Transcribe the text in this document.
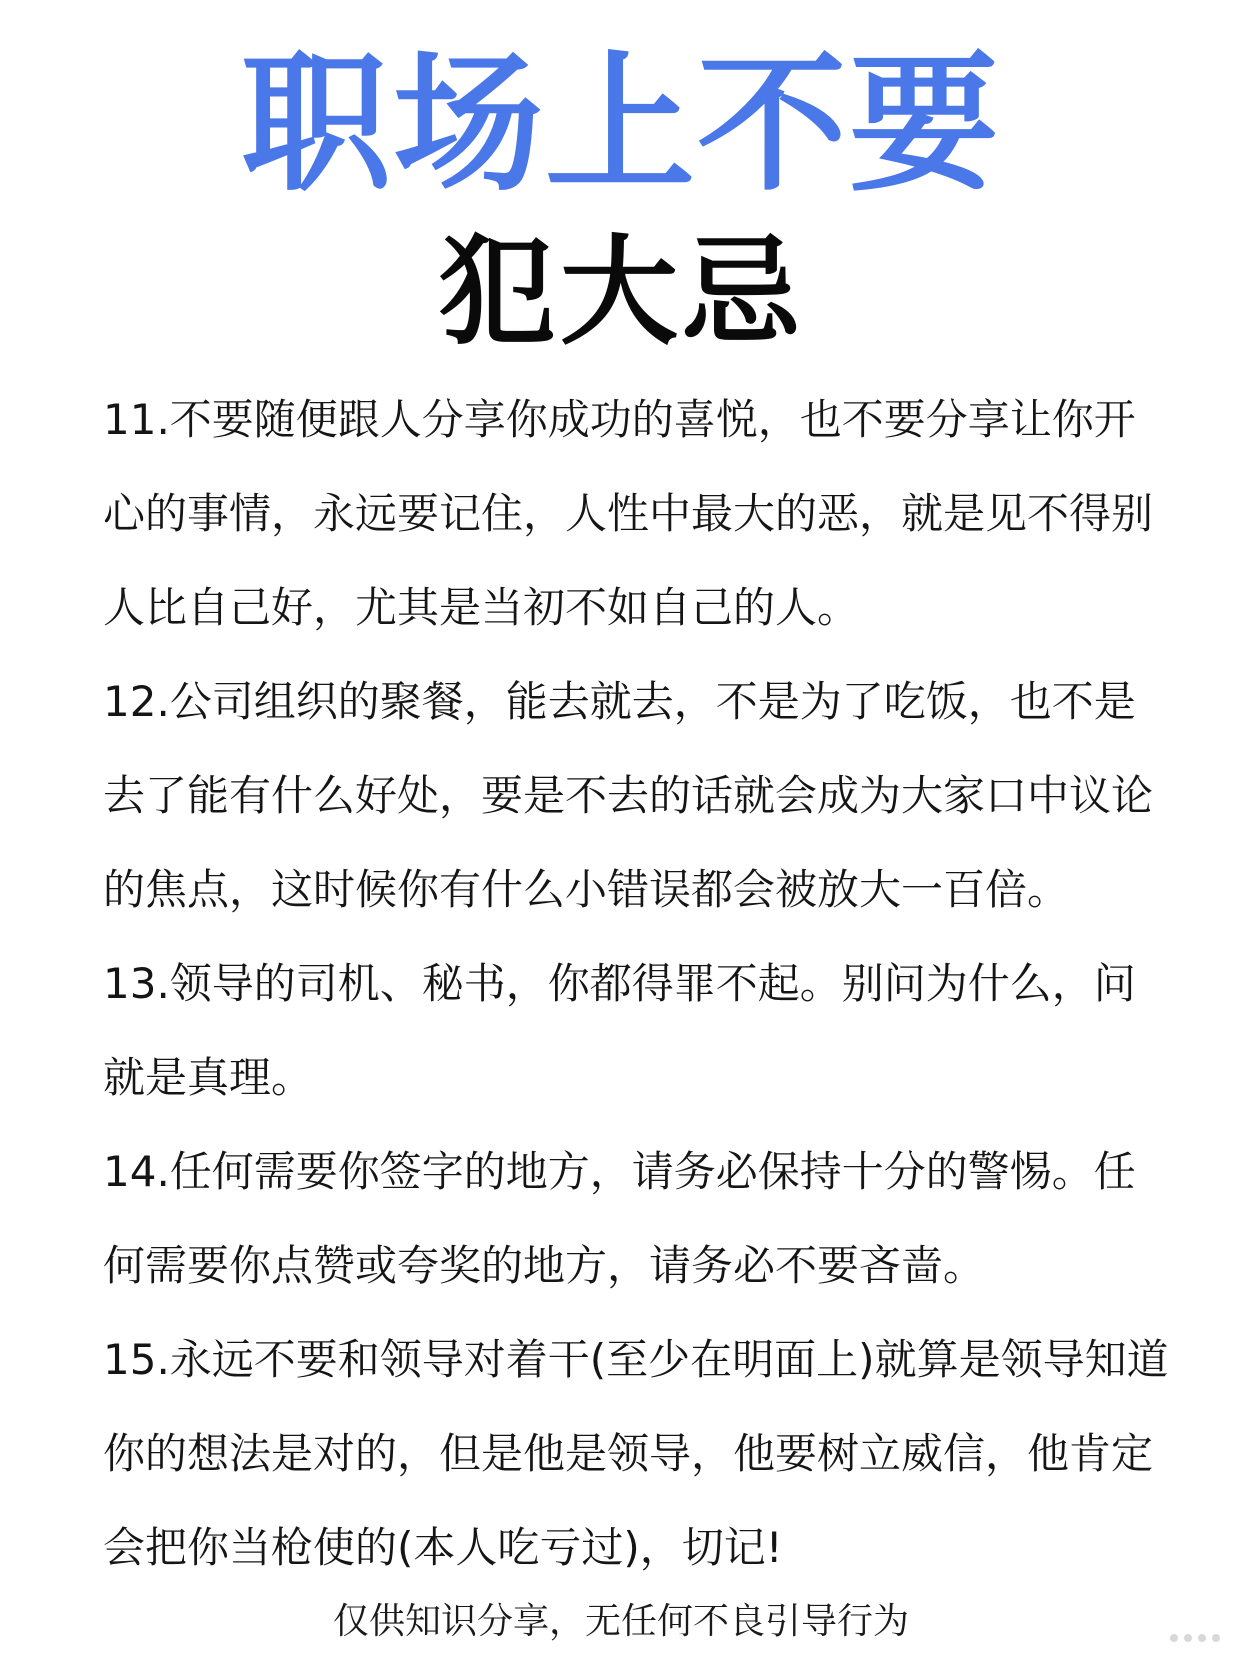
职场上不要
犯大忌

11.不要随便跟人分享你成功的喜悦，也不要分享让你开心的事情，永远要记住，人性中最大的恶，就是见不得别人比自己好，尤其是当初不如自己的人。

12.公司组织的聚餐，能去就去，不是为了吃饭，也不是去了能有什么好处，要是不去的话就会成为大家口中议论的焦点，这时候你有什么小错误都会被放大一百倍。

13.领导的司机、秘书，你都得罪不起。别问为什么，问就是真理。

14.任何需要你签字的地方，请务必保持十分的警惕。任何需要你点赞或夸奖的地方，请务必不要吝啬。

15.永远不要和领导对着干(至少在明面上)就算是领导知道你的想法是对的，但是他是领导，他要树立威信，他肯定会把你当枪使的(本人吃亏过)，切记!

仅供知识分享，无任何不良引导行为
